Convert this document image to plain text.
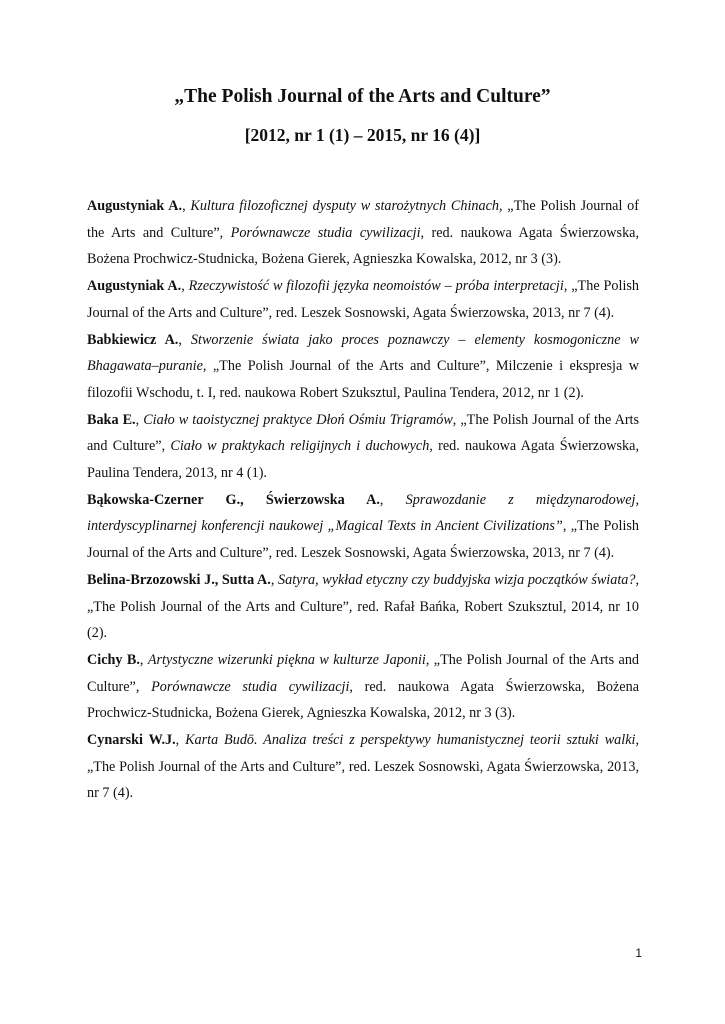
„The Polish Journal of the Arts and Culture”
[2012, nr 1 (1) – 2015, nr 16 (4)]

Augustyniak A., Kultura filozoficznej dysputy w starożytnych Chinach, „The Polish Journal of the Arts and Culture”, Porównawcze studia cywilizacji, red. naukowa Agata Świerzowska, Bożena Prochwicz-Studnicka, Bożena Gierek, Agnieszka Kowalska, 2012, nr 3 (3).

Augustyniak A., Rzeczywistość w filozofii języka neomoistów – próba interpretacji, „The Polish Journal of the Arts and Culture”, red. Leszek Sosnowski, Agata Świerzowska, 2013, nr 7 (4).

Babkiewicz A., Stworzenie świata jako proces poznawczy – elementy kosmogoniczne w Bhagawata–puranie, „The Polish Journal of the Arts and Culture”, Milczenie i ekspresja w filozofii Wschodu, t. I, red. naukowa Robert Szuksztul, Paulina Tendera, 2012, nr 1 (2).

Baka E., Ciało w taoistycznej praktyce Dłoń Ośmiu Trigramów, „The Polish Journal of the Arts and Culture”, Ciało w praktykach religijnych i duchowych, red. naukowa Agata Świerzowska, Paulina Tendera, 2013, nr 4 (1).

Bąkowska-Czerner G., Świerzowska A., Sprawozdanie z międzynarodowej, interdyscyplinarnej konferencji naukowej „Magical Texts in Ancient Civilizations”, „The Polish Journal of the Arts and Culture”, red. Leszek Sosnowski, Agata Świerzowska, 2013, nr 7 (4).

Belina-Brzozowski J., Sutta A., Satyra, wykład etyczny czy buddyjska wizja początków świata?, „The Polish Journal of the Arts and Culture”, red. Rafał Bańka, Robert Szuksztul, 2014, nr 10 (2).

Cichy B., Artystyczne wizerunki piękna w kulturze Japonii, „The Polish Journal of the Arts and Culture”, Porównawcze studia cywilizacji, red. naukowa Agata Świerzowska, Bożena Prochwicz-Studnicka, Bożena Gierek, Agnieszka Kowalska, 2012, nr 3 (3).

Cynarski W.J., Karta Budō. Analiza treści z perspektywy humanistycznej teorii sztuki walki, „The Polish Journal of the Arts and Culture”, red. Leszek Sosnowski, Agata Świerzowska, 2013, nr 7 (4).

1
